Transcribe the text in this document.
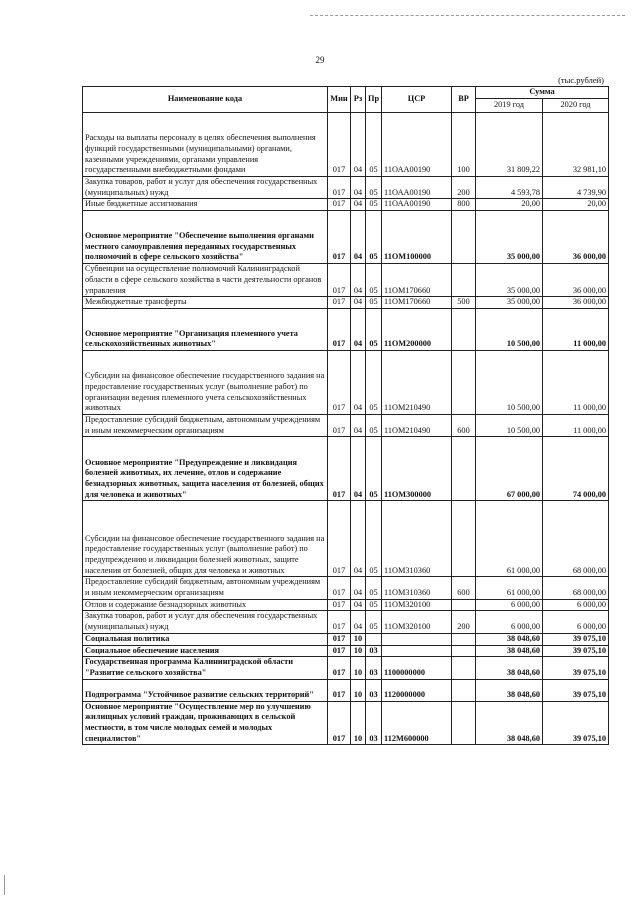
29
(тыс.рублей)
Наименование кода	Мин	Рз	Пр	ЦСР	ВР	Сумма	
						2019 год	2020 год
Расходы на выплаты персоналу в целях обеспечения выполнения функций государственными (муниципальными) органами, казенными учреждениями, органами управления государственными внебюджетными фондами	017	04	05	11ОАА00190	100	31 809,22	32 981,10
Закупка товаров, работ и услуг для обеспечения государственных (муниципальных) нужд	017	04	05	11ОАА00190	200	4 593,78	4 739,90
Иные бюджетные ассигнования	017	04	05	11ОАА00190	800	20,00	20,00
Основное мероприятие "Обеспечение выполнения органами местного самоуправления переданных государственных полномочий в сфере сельского хозяйства"	017	04	05	11ОМ100000		35 000,00	36 000,00
Субвенции на осуществление полномочий Калининградской области в сфере сельского хозяйства в части деятельности органов управления	017	04	05	11ОМ170660		35 000,00	36 000,00
Межбюджетные трансферты	017	04	05	11ОМ170660	500	35 000,00	36 000,00
Основное мероприятие "Организация племенного учета сельскохозяйственных животных"	017	04	05	11ОМ200000		10 500,00	11 000,00
Субсидии на финансовое обеспечение государственного задания на предоставление государственных услуг (выполнение работ) по организации ведения племенного учета сельскохозяйственных животных	017	04	05	11ОМ210490		10 500,00	11 000,00
Предоставление субсидий бюджетным, автономным учреждениям и иным некоммерческим организациям	017	04	05	11ОМ210490	600	10 500,00	11 000,00
Основное мероприятие "Предупреждение и ликвидация болезней животных, их лечение, отлов и содержание безнадзорных животных, защита населения от болезней, общих для человека и животных"	017	04	05	11ОМ300000		67 000,00	74 000,00
Субсидии на финансовое обеспечение государственного задания на предоставление государственных услуг (выполнение работ) по предупреждению и ликвидации болезней животных, защите населения от болезней, общих для человека и животных	017	04	05	11ОМ310360		61 000,00	68 000,00
Предоставление субсидий бюджетным, автономным учреждениям и иным некоммерческим организациям	017	04	05	11ОМ310360	600	61 000,00	68 000,00
Отлов и содержание безнадзорных животных	017	04	05	11ОМ320100		6 000,00	6 000,00
Закупка товаров, работ и услуг для обеспечения государственных (муниципальных) нужд	017	04	05	11ОМ320100	200	6 000,00	6 000,00
Социальная политика	017	10				38 048,60	39 075,10
Социальное обеспечение населения	017	10	03			38 048,60	39 075,10
Государственная программа Калининградской области "Развитие сельского хозяйства"	017	10	03	1100000000		38 048,60	39 075,10
Подпрограмма "Устойчивое развитие сельских территорий"	017	10	03	1120000000		38 048,60	39 075,10
Основное мероприятие "Осуществление мер по улучшению жилищных условий граждан, проживающих в сельской местности, в том числе молодых семей и молодых специалистов"	017	10	03	112М600000		38 048,60	39 075,10
